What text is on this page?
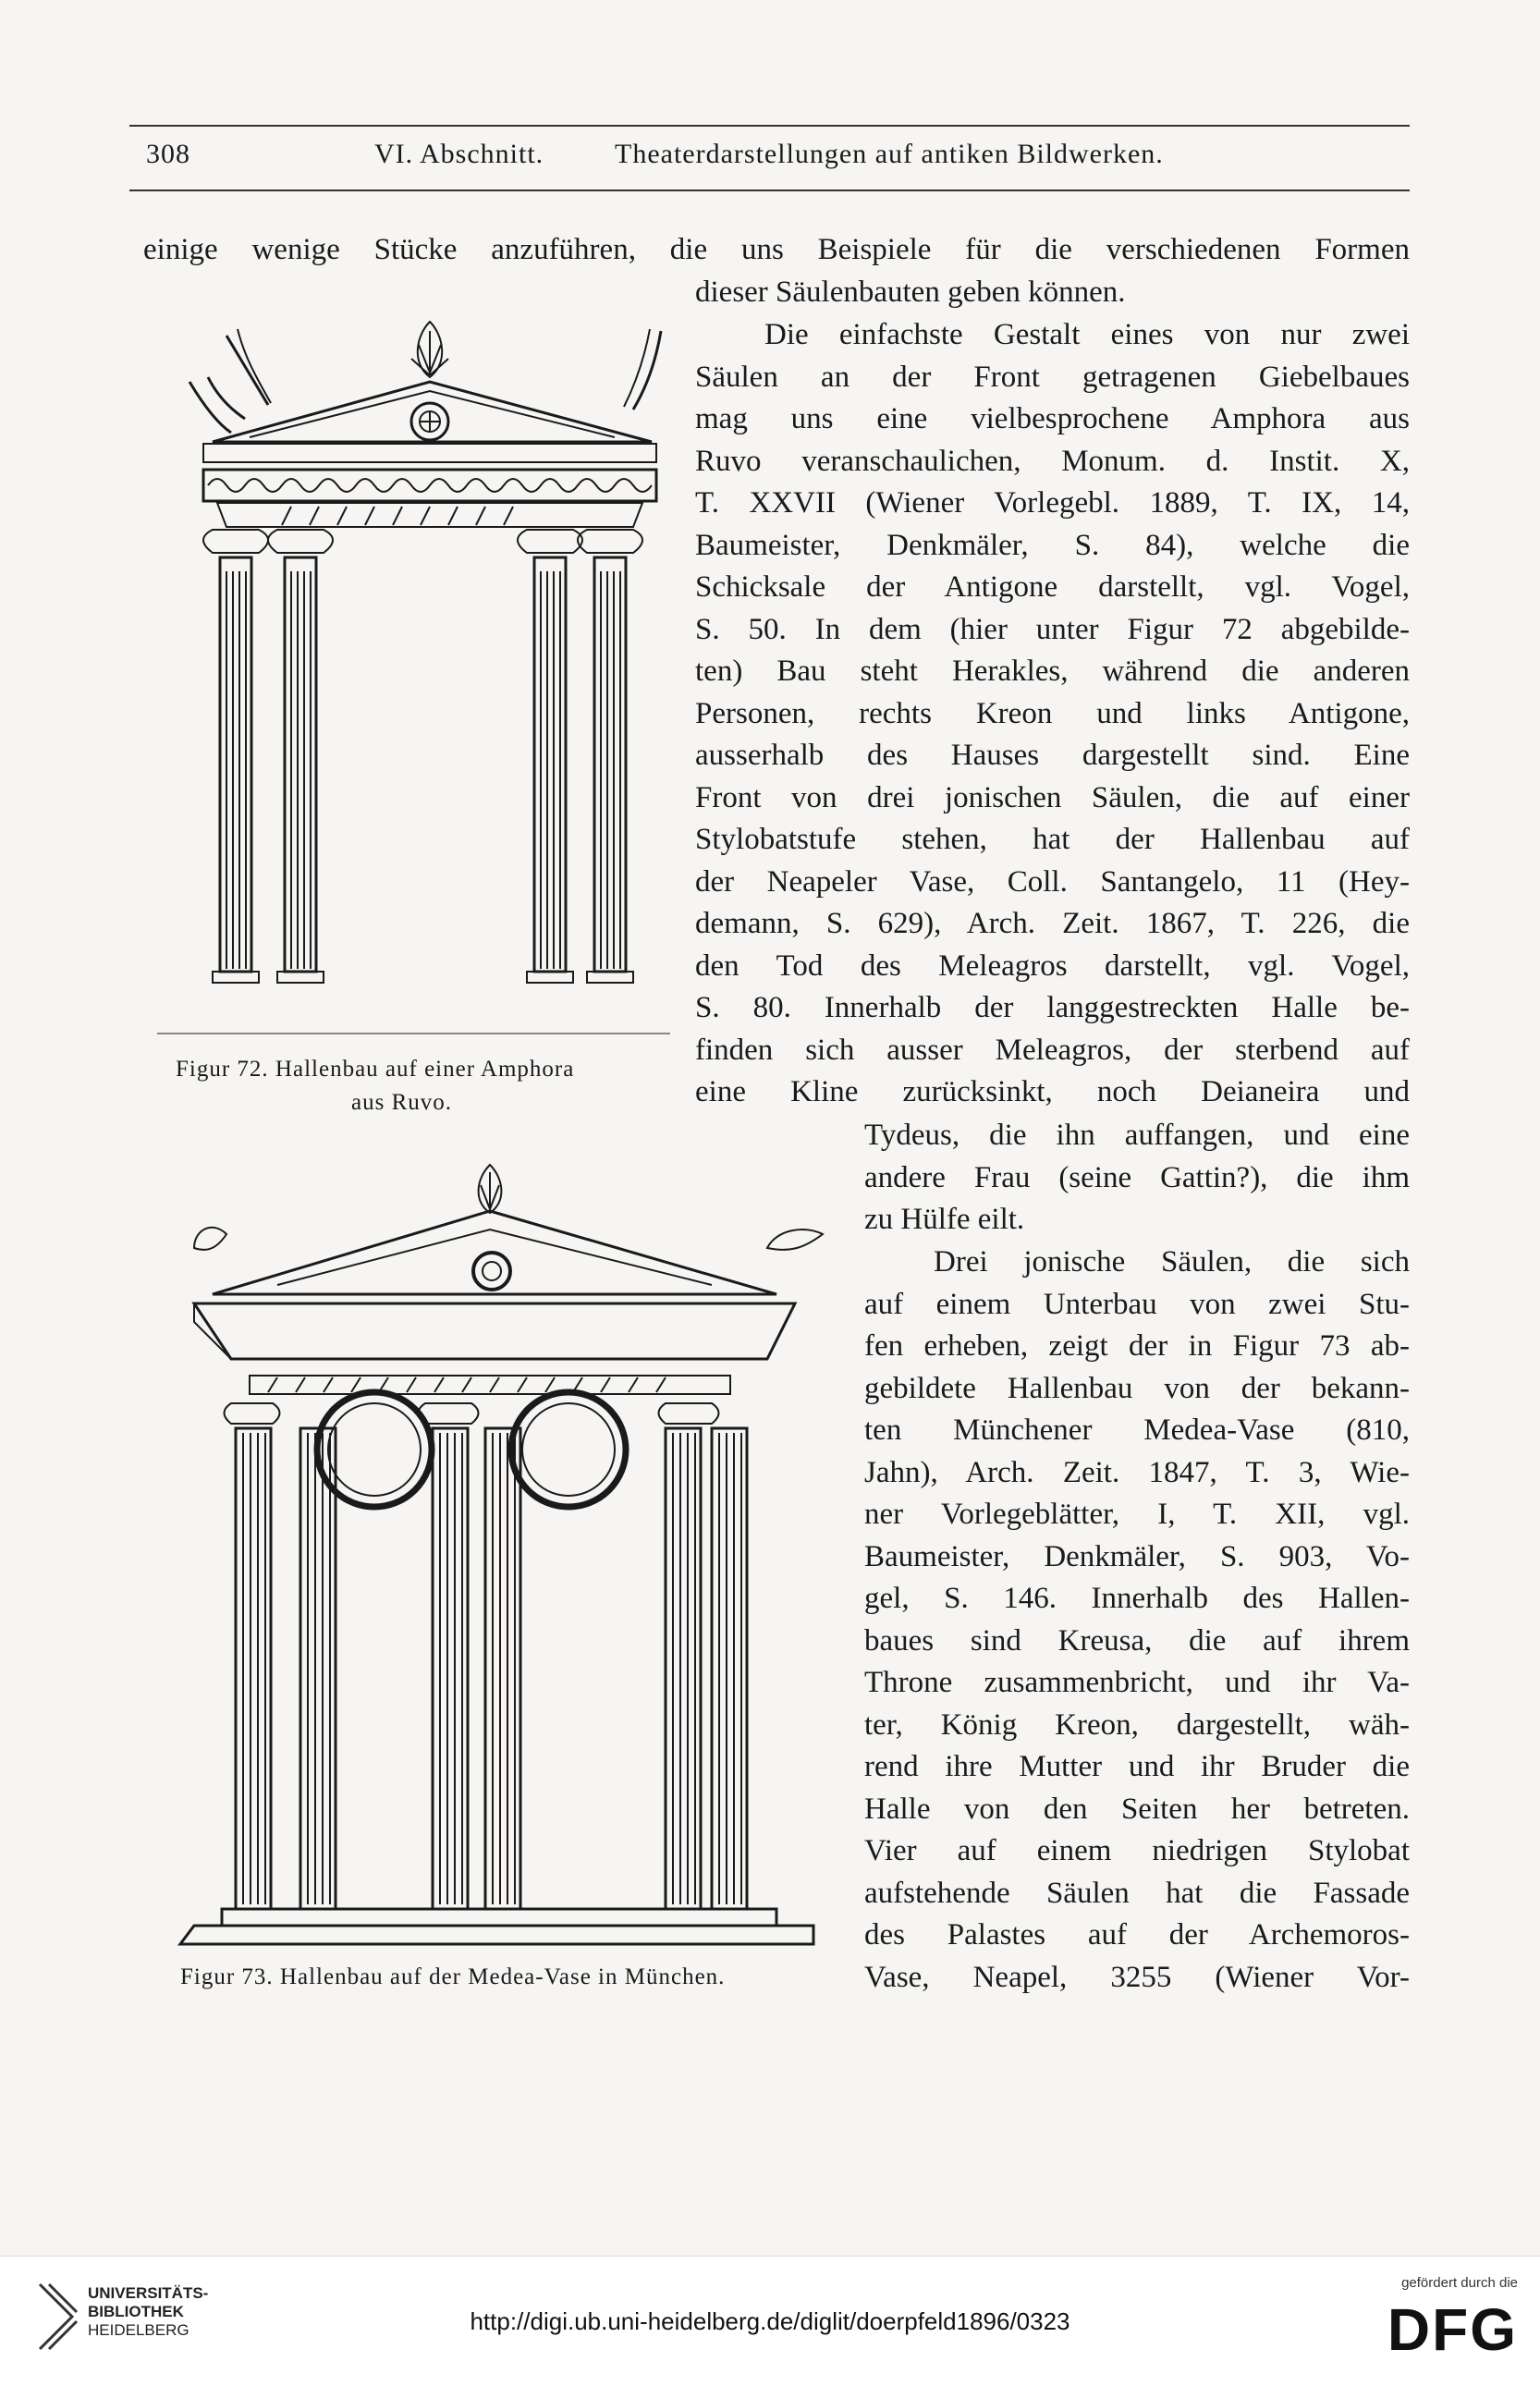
308	VI. Abschnitt.	Theaterdarstellungen auf antiken Bildwerken.
einige wenige Stücke anzuführen, die uns Beispiele für die verschiedenen Formen
dieser Säulenbauten geben können.
Die einfachste Gestalt eines von nur zwei
Säulen an der Front getragenen Giebelbaues
mag uns eine vielbesprochene Amphora aus
Ruvo veranschaulichen, Monum. d. Instit. X,
T. XXVII (Wiener Vorlegebl. 1889, T. IX, 14,
Baumeister, Denkmäler, S. 84), welche die
Schicksale der Antigone darstellt, vgl. Vogel,
S. 50. In dem (hier unter Figur 72 abgebilde-
ten) Bau steht Herakles, während die anderen
Personen, rechts Kreon und links Antigone,
ausserhalb des Hauses dargestellt sind. Eine
Front von drei jonischen Säulen, die auf einer
Stylobatstufe stehen, hat der Hallenbau auf
der Neapeler Vase, Coll. Santangelo, 11 (Hey-
demann, S. 629), Arch. Zeit. 1867, T. 226, die
den Tod des Meleagros darstellt, vgl. Vogel,
S. 80. Innerhalb der langgestreckten Halle be-
finden sich ausser Meleagros, der sterbend auf
eine Kline zurücksinkt, noch Deianeira und
Tydeus, die ihn auffangen, und eine
andere Frau (seine Gattin?), die ihm
zu Hülfe eilt.
Drei jonische Säulen, die sich
auf einem Unterbau von zwei Stu-
fen erheben, zeigt der in Figur 73 ab-
gebildete Hallenbau von der bekann-
ten Münchener Medea-Vase (810,
Jahn), Arch. Zeit. 1847, T. 3, Wie-
ner Vorlegeblätter, I, T. XII, vgl.
Baumeister, Denkmäler, S. 903, Vo-
gel, S. 146. Innerhalb des Hallen-
baues sind Kreusa, die auf ihrem
Throne zusammenbricht, und ihr Va-
ter, König Kreon, dargestellt, wäh-
rend ihre Mutter und ihr Bruder die
Halle von den Seiten her betreten.
Vier auf einem niedrigen Stylobat
aufstehende Säulen hat die Fassade
des Palastes auf der Archemoros-
Vase, Neapel, 3255 (Wiener Vor-
Figur 72. Hallenbau auf einer Amphora
aus Ruvo.
Figur 73. Hallenbau auf der Medea-Vase in München.
UNIVERSITÄTS-
BIBLIOTHEK
HEIDELBERG	http://digi.ub.uni-heidelberg.de/diglit/doerpfeld1896/0323
gefördert durch die
DFG
